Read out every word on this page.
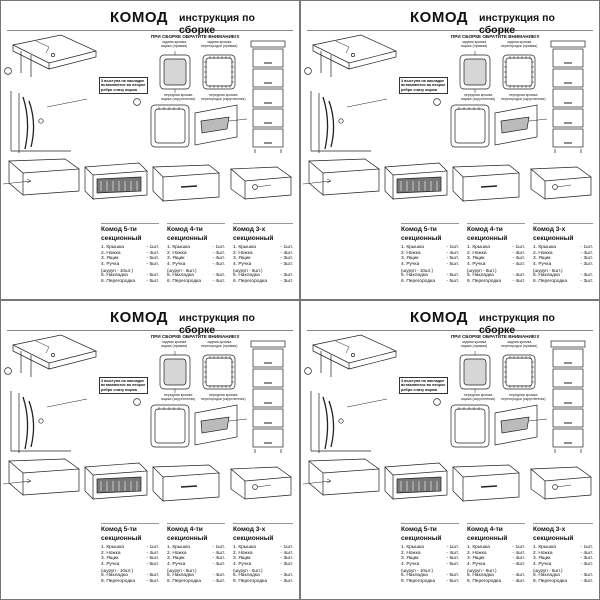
КОМОД инструкция по сборке
ПРИ СБОРКЕ ОБРАТИТЕ ВНИМАНИЕ!!!
задняя кромка
ящика (прямая)
задняя кромка
перегородки (прямая)
передняя кромка
ящика (скругленная)
передняя кромка
перегородки (скругленная)
3 выступа на накладке
вставляются во второе
ребро снизу ящика
Комод 5-ти
секционный
1. Крышка	- 1шт.
2. Ножка	- 4шт.
3. Ящик	- 5шт.
4. Ручка	- 5шт.
(шуруп - 10шт.)
5. Накладка	- 5шт.
6. Перегородка - 5шт.
Комод 4-ти
секционный
1. Крышка	- 1шт.
2. Ножка	- 4шт.
3. Ящик	- 4шт.
4. Ручка	- 4шт.
(шуруп - 8шт.)
5. Накладка	- 4шт.
6. Перегородка - 4шт.
Комод 3-х
секционный
1. Крышка	- 1шт.
2. Ножка	- 4шт.
3. Ящик	- 3шт.
4. Ручка	- 3шт.
(шуруп - 6шт.)
5. Накладка	- 3шт.
6. Перегородка	- 3шт.
КОМОД инструкция по сборке
ПРИ СБОРКЕ ОБРАТИТЕ ВНИМАНИЕ!!!
задняя кромка
ящика (прямая)
задняя кромка
перегородки (прямая)
передняя кромка
ящика (скругленная)
передняя кромка
перегородки (скругленная)
3 выступа на накладке
вставляются во второе
ребро снизу ящика
Комод 5-ти
секционный
1. Крышка	- 1шт.
2. Ножка	- 4шт.
3. Ящик	- 5шт.
4. Ручка	- 5шт.
(шуруп - 10шт.)
5. Накладка	- 5шт.
6. Перегородка - 5шт.
Комод 4-ти
секционный
1. Крышка	- 1шт.
2. Ножка	- 4шт.
3. Ящик	- 4шт.
4. Ручка	- 4шт.
(шуруп - 8шт.)
5. Накладка	- 4шт.
6. Перегородка - 4шт.
Комод 3-х
секционный
1. Крышка	- 1шт.
2. Ножка	- 4шт.
3. Ящик	- 3шт.
4. Ручка	- 3шт.
(шуруп - 6шт.)
5. Накладка	- 3шт.
6. Перегородка	- 3шт.
КОМОД инструкция по сборке
ПРИ СБОРКЕ ОБРАТИТЕ ВНИМАНИЕ!!!
задняя кромка
ящика (прямая)
задняя кромка
перегородки (прямая)
передняя кромка
ящика (скругленная)
передняя кромка
перегородки (скругленная)
3 выступа на накладке
вставляются во второе
ребро снизу ящика
Комод 5-ти
секционный
1. Крышка	- 1шт.
2. Ножка	- 4шт.
3. Ящик	- 5шт.
4. Ручка	- 5шт.
(шуруп - 10шт.)
5. Накладка	- 5шт.
6. Перегородка - 5шт.
Комод 4-ти
секционный
1. Крышка	- 1шт.
2. Ножка	- 4шт.
3. Ящик	- 4шт.
4. Ручка	- 4шт.
(шуруп - 8шт.)
5. Накладка	- 4шт.
6. Перегородка - 4шт.
Комод 3-х
секционный
1. Крышка	- 1шт.
2. Ножка	- 4шт.
3. Ящик	- 3шт.
4. Ручка	- 3шт.
(шуруп - 6шт.)
5. Накладка	- 3шт.
6. Перегородка	- 3шт.
КОМОД инструкция по сборке
ПРИ СБОРКЕ ОБРАТИТЕ ВНИМАНИЕ!!!
задняя кромка
ящика (прямая)
задняя кромка
перегородки (прямая)
передняя кромка
ящика (скругленная)
передняя кромка
перегородки (скругленная)
3 выступа на накладке
вставляются во второе
ребро снизу ящика
Комод 5-ти
секционный
1. Крышка	- 1шт.
2. Ножка	- 4шт.
3. Ящик	- 5шт.
4. Ручка	- 5шт.
(шуруп - 10шт.)
5. Накладка	- 5шт.
6. Перегородка - 5шт.
Комод 4-ти
секционный
1. Крышка	- 1шт.
2. Ножка	- 4шт.
3. Ящик	- 4шт.
4. Ручка	- 4шт.
(шуруп - 8шт.)
5. Накладка	- 4шт.
6. Перегородка - 4шт.
Комод 3-х
секционный
1. Крышка	- 1шт.
2. Ножка	- 4шт.
3. Ящик	- 3шт.
4. Ручка	- 3шт.
(шуруп - 6шт.)
5. Накладка	- 3шт.
6. Перегородка	- 3шт.
